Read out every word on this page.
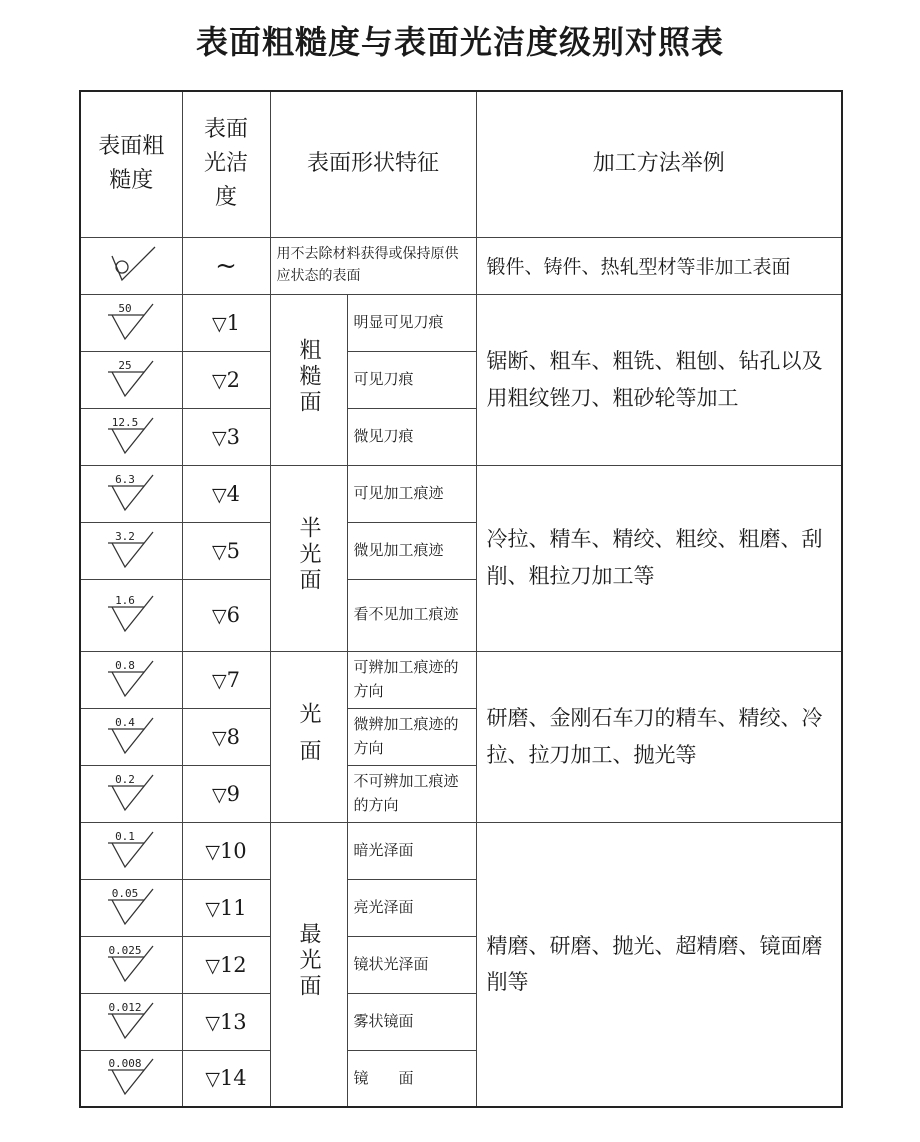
表面粗糙度与表面光洁度级别对照表
表面粗糙度	表面光洁度	表面形状特征		加工方法举例

	~	用不去除材料获得或保持原供应状态的表面		锻件、铸件、热轧型材等非加工表面

50	▽1	粗糙面	明显可见刀痕	锯断、粗车、粗铣、粗刨、钻孔以及用粗纹锉刀、粗砂轮等加工

25	▽2		可见刀痕	

12.5	▽3		微见刀痕	

6.3	▽4	半光面	可见加工痕迹	冷拉、精车、精绞、粗绞、粗磨、刮削、粗拉刀加工等

3.2	▽5		微见加工痕迹	

1.6	▽6		看不见加工痕迹	

0.8	▽7	光 面	可辨加工痕迹的方向	研磨、金刚石车刀的精车、精绞、冷拉、拉刀加工、抛光等

0.4	▽8		微辨加工痕迹的方向	

0.2	▽9		不可辨加工痕迹的方向	

0.1	▽10	最光面	暗光泽面	精磨、研磨、抛光、超精磨、镜面磨削等

0.05	▽11		亮光泽面	

0.025	▽12		镜状光泽面	

0.012	▽13		雾状镜面	

0.008	▽14		镜　　面	
